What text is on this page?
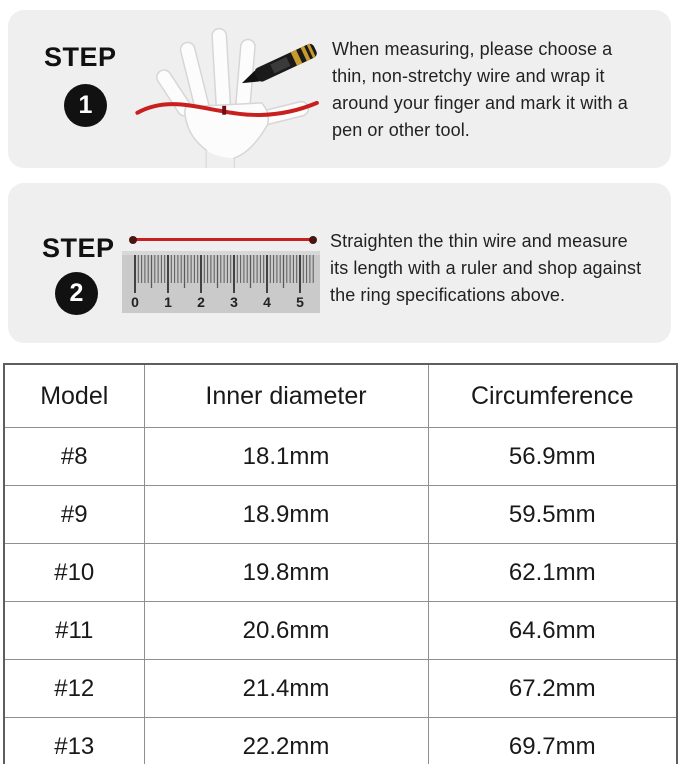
STEP
1
When measuring, please choose a thin, non-stretchy wire and wrap it around your finger and mark it with a pen or other tool.
STEP
2	0 1 2 3 4 5
Straighten the thin wire and measure its length with a ruler and shop against the ring specifications above.
Model	Inner diameter	Circumference
#8	18.1mm	56.9mm
#9	18.9mm	59.5mm
#10	19.8mm	62.1mm
#11	20.6mm	64.6mm
#12	21.4mm	67.2mm
#13	22.2mm	69.7mm
